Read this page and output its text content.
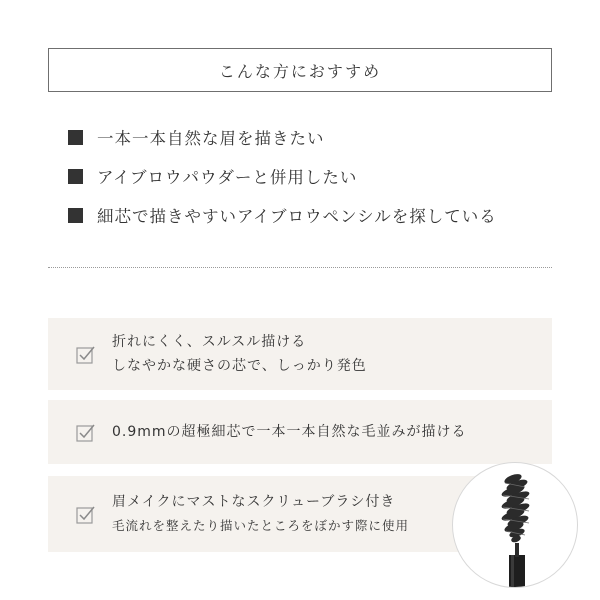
こんな方におすすめ
一本一本自然な眉を描きたい
アイブロウパウダーと併用したい
細芯で描きやすいアイブロウペンシルを探している
折れにくく、スルスル描ける
しなやかな硬さの芯で、しっかり発色
0.9mmの超極細芯で一本一本自然な毛並みが描ける
眉メイクにマストなスクリューブラシ付き
毛流れを整えたり描いたところをぼかす際に使用
